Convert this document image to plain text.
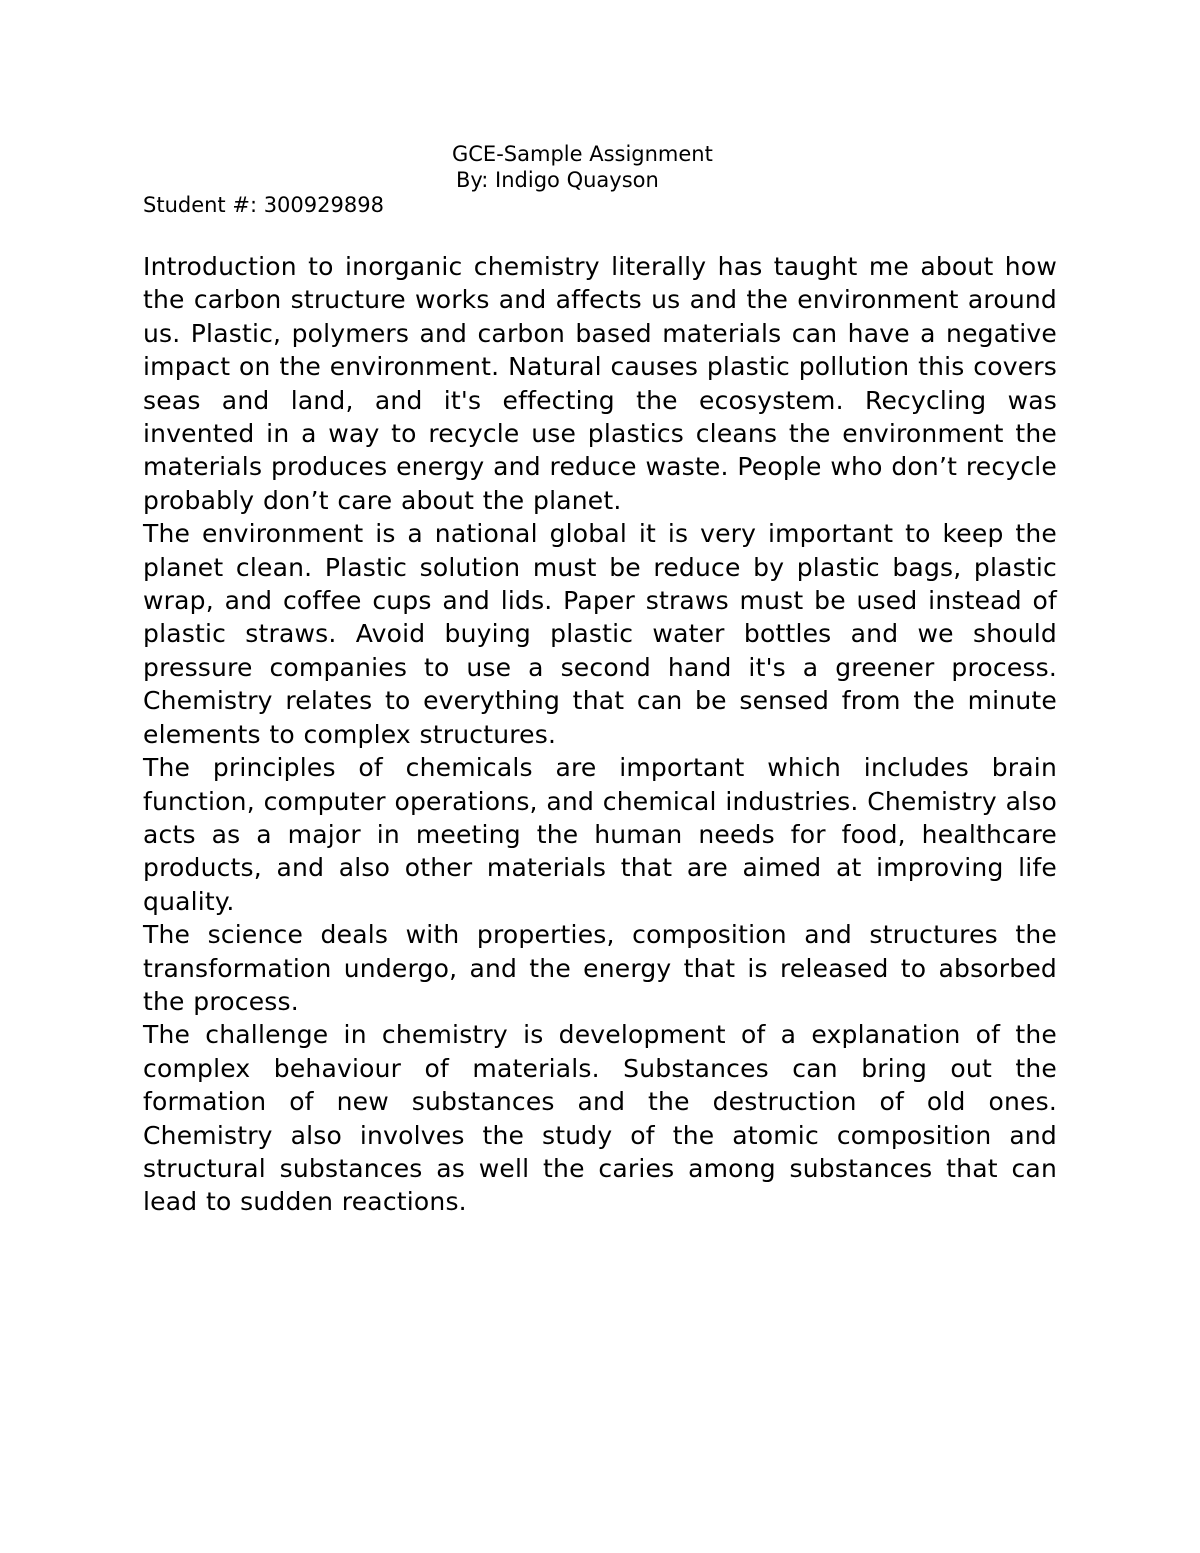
GCE-Sample Assignment
By: Indigo Quayson
Student #: 300929898

Introduction to inorganic chemistry literally has taught me about how the carbon structure works and affects us and the environment around us. Plastic, polymers and carbon based materials can have a negative impact on the environment. Natural causes plastic pollution this covers seas and land, and it's effecting the ecosystem. Recycling was invented in a way to recycle use plastics cleans the environment the materials produces energy and reduce waste. People who don’t recycle probably don’t care about the planet.

The environment is a national global it is very important to keep the planet clean. Plastic solution must be reduce by plastic bags, plastic wrap, and coffee cups and lids. Paper straws must be used instead of plastic straws. Avoid buying plastic water bottles and we should pressure companies to use a second hand it's a greener process. Chemistry relates to everything that can be sensed from the minute elements to complex structures.

The principles of chemicals are important which includes brain function, computer operations, and chemical industries. Chemistry also acts as a major in meeting the human needs for food, healthcare products, and also other materials that are aimed at improving life quality.

The science deals with properties, composition and structures the transformation undergo, and the energy that is released to absorbed the process.

The challenge in chemistry is development of a explanation of the complex behaviour of materials. Substances can bring out the formation of new substances and the destruction of old ones. Chemistry also involves the study of the atomic composition and structural substances as well the caries among substances that can lead to sudden reactions.
